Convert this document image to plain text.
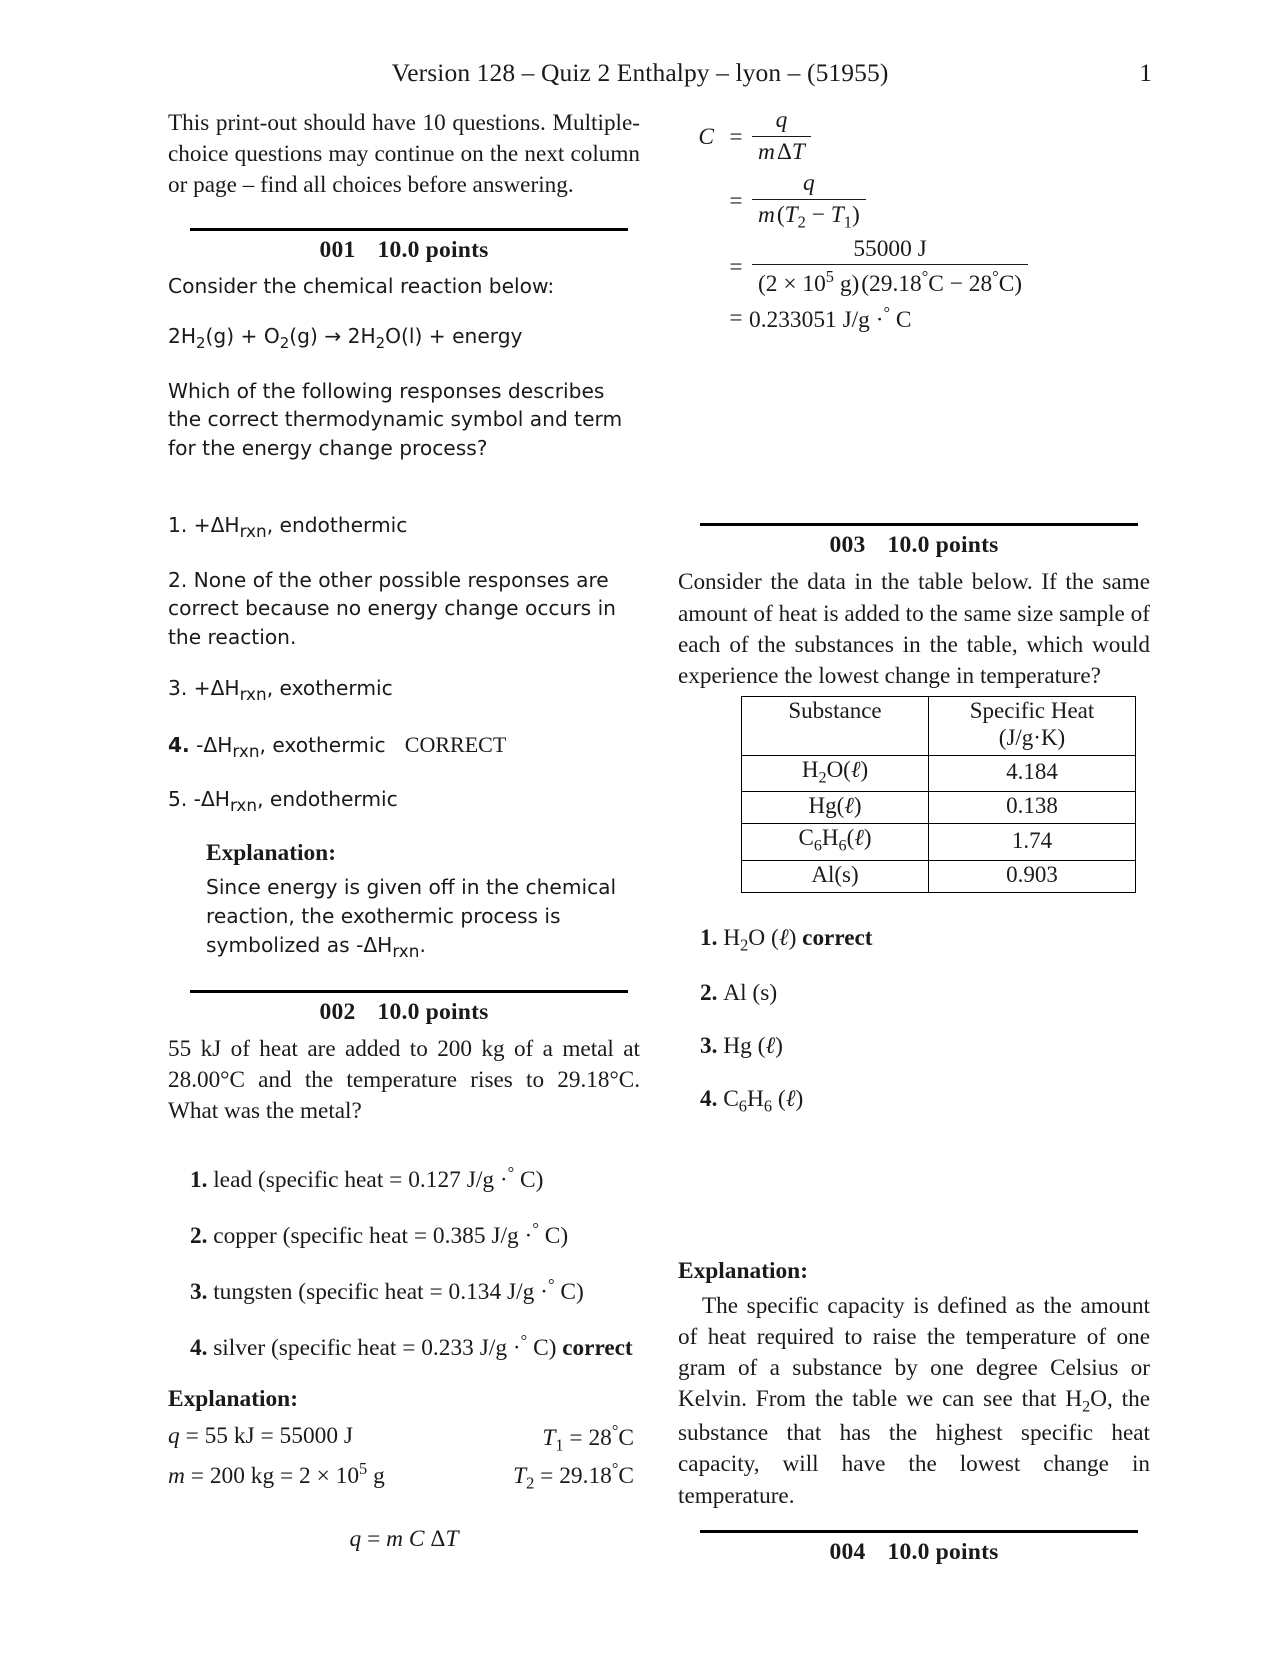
Version 128 – Quiz 2 Enthalpy – lyon – (51955)	1

This print-out should have 10 questions. Multiple-choice questions may continue on the next column or page – find all choices before answering.

001 10.0 points

Consider the chemical reaction below:

$2H_2(g) + O_2(g) \to 2H_2O(l)$ + energy

Which of the following responses describes the correct thermodynamic symbol and term for the energy change process?

1. $+\Delta H_{rxn}$, endothermic

2. None of the other possible responses are correct because no energy change occurs in the reaction.

3. $+\Delta H_{rxn}$, exothermic

4. $-\Delta H_{rxn}$, exothermic   CORRECT

5. $-\Delta H_{rxn}$, endothermic

Explanation:

Since energy is given off in the chemical reaction, the exothermic process is symbolized as $-\Delta H_{rxn}$.

002 10.0 points

55 kJ of heat are added to 200 kg of a metal at 28.00°C and the temperature rises to 29.18°C. What was the metal?

1. lead (specific heat = 0.127 J/g ·° C)

2. copper (specific heat = 0.385 J/g ·° C)

3. tungsten (specific heat = 0.134 J/g ·° C)

4. silver (specific heat = 0.233 J/g ·° C) correct

Explanation:

q = 55 kJ = 55000 J	$T_1 = 28^\circ C$
m = 200 kg = $2 \times 10^5$ g	$T_2 = 29.18^\circ C$
q = m C ΔT
$C = \frac{q}{\text{m ΔT}}$
= $\frac{q}{m (T_2 - T_1)}$
= $\frac{55000 J}{(2 \times 10^5 g) (29.18^\circ C - 28^\circ C)}$
= 0.233051 J/g ·° C
003 10.0 points

Consider the data in the table below. If the same amount of heat is added to the same size sample of each of the substances in the table, which would experience the lowest change in temperature?

Substance	Specific Heat
(J/g·K)

$H_2O(\ell)$	4.184
Hg(ℓ)	0.138
$C_6H_6(\ell)$	1.74
Al(s)	0.903

1. $H_2O$ (ℓ) correct

2. Al (s)

3. Hg (ℓ)

4. $C_6H_6$ (ℓ)

Explanation:

The specific capacity is defined as the amount of heat required to raise the temperature of one gram of a substance by one degree Celsius or Kelvin. From the table we can see that $H_2O$, the substance that has the highest specific heat capacity, will have the lowest change in temperature.

004 10.0 points
